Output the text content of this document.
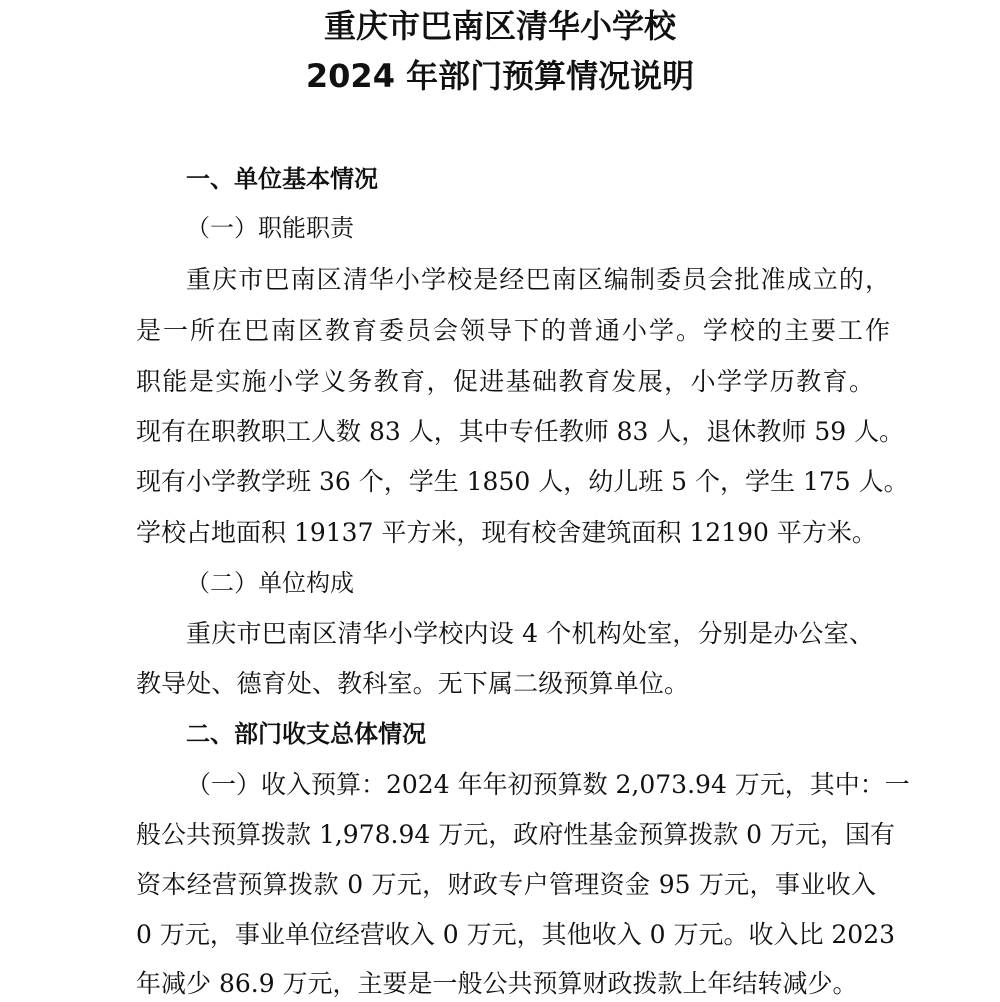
重庆市巴南区清华小学校
2024 年部门预算情况说明
一、单位基本情况
（一）职能职责
重庆市巴南区清华小学校是经巴南区编制委员会批准成立的，
是一所在巴南区教育委员会领导下的普通小学。学校的主要工作
职能是实施小学义务教育，促进基础教育发展，小学学历教育。
现有在职教职工人数 83 人，其中专任教师 83 人，退休教师 59 人。
现有小学教学班 36 个，学生 1850 人，幼儿班 5 个，学生 175 人。
学校占地面积 19137 平方米，现有校舍建筑面积 12190 平方米。
（二）单位构成
重庆市巴南区清华小学校内设 4 个机构处室，分别是办公室、
教导处、德育处、教科室。无下属二级预算单位。
二、部门收支总体情况
（一）收入预算：2024 年年初预算数 2,073.94 万元，其中：一
般公共预算拨款 1,978.94 万元，政府性基金预算拨款 0 万元，国有
资本经营预算拨款 0 万元，财政专户管理资金 95 万元，事业收入
0 万元，事业单位经营收入 0 万元，其他收入 0 万元。收入比 2023
年减少 86.9 万元，主要是一般公共预算财政拨款上年结转减少。
